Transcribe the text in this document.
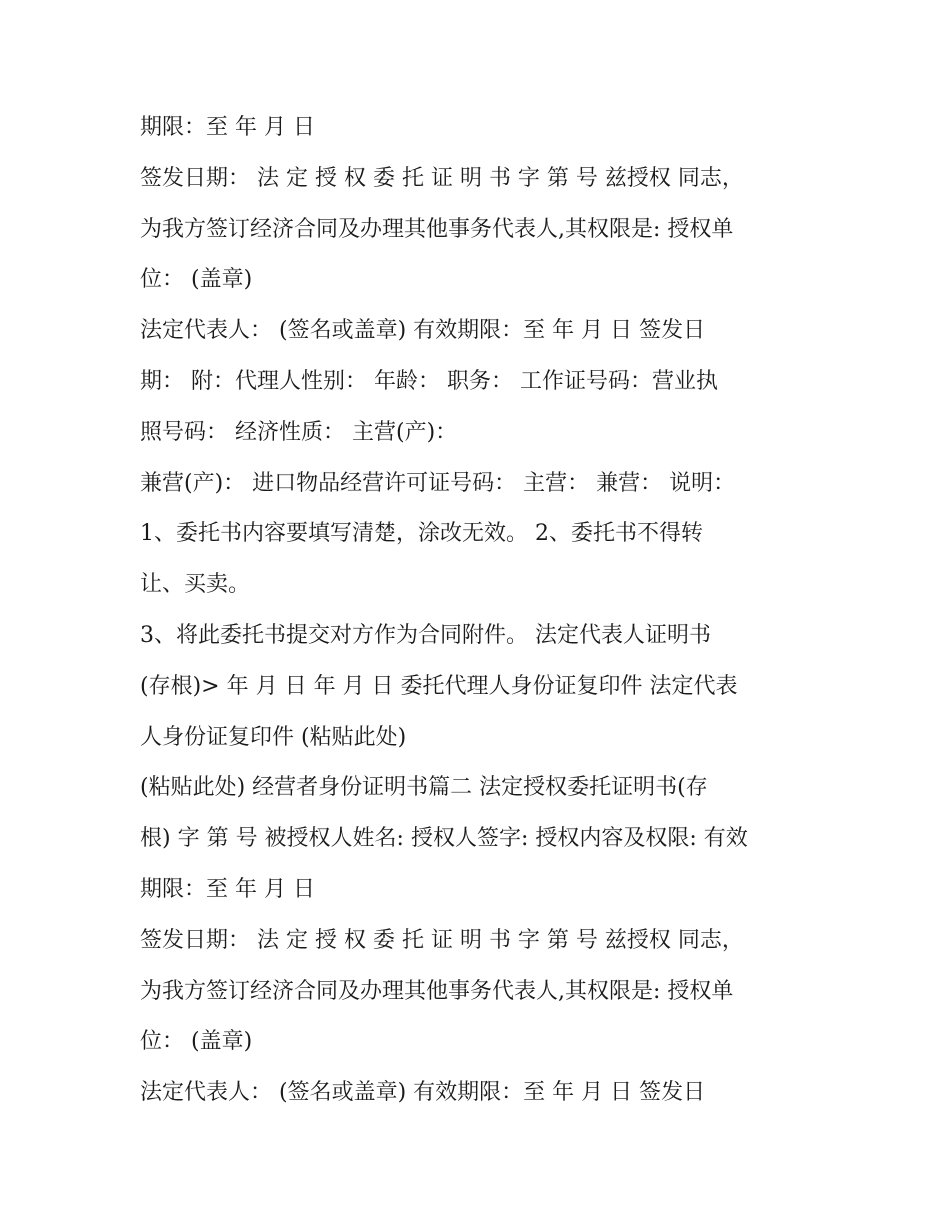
期限：至 年 月 日
签发日期： 法 定 授 权 委 托 证 明 书 字 第 号 兹授权 同志，
为我方签订经济合同及办理其他事务代表人,其权限是: 授权单
位： (盖章)
法定代表人： (签名或盖章) 有效期限：至 年 月 日 签发日
期： 附：代理人性别： 年龄： 职务： 工作证号码：营业执
照号码： 经济性质： 主营(产)：
兼营(产)： 进口物品经营许可证号码： 主营： 兼营： 说明：
1、委托书内容要填写清楚，涂改无效。 2、委托书不得转
让、买卖。
3、将此委托书提交对方作为合同附件。 法定代表人证明书
(存根)> 年 月 日 年 月 日 委托代理人身份证复印件 法定代表
人身份证复印件 (粘贴此处)
(粘贴此处) 经营者身份证明书篇二 法定授权委托证明书(存
根) 字 第 号 被授权人姓名: 授权人签字: 授权内容及权限: 有效
期限：至 年 月 日
签发日期： 法 定 授 权 委 托 证 明 书 字 第 号 兹授权 同志，
为我方签订经济合同及办理其他事务代表人,其权限是: 授权单
位： (盖章)
法定代表人： (签名或盖章) 有效期限：至 年 月 日 签发日
